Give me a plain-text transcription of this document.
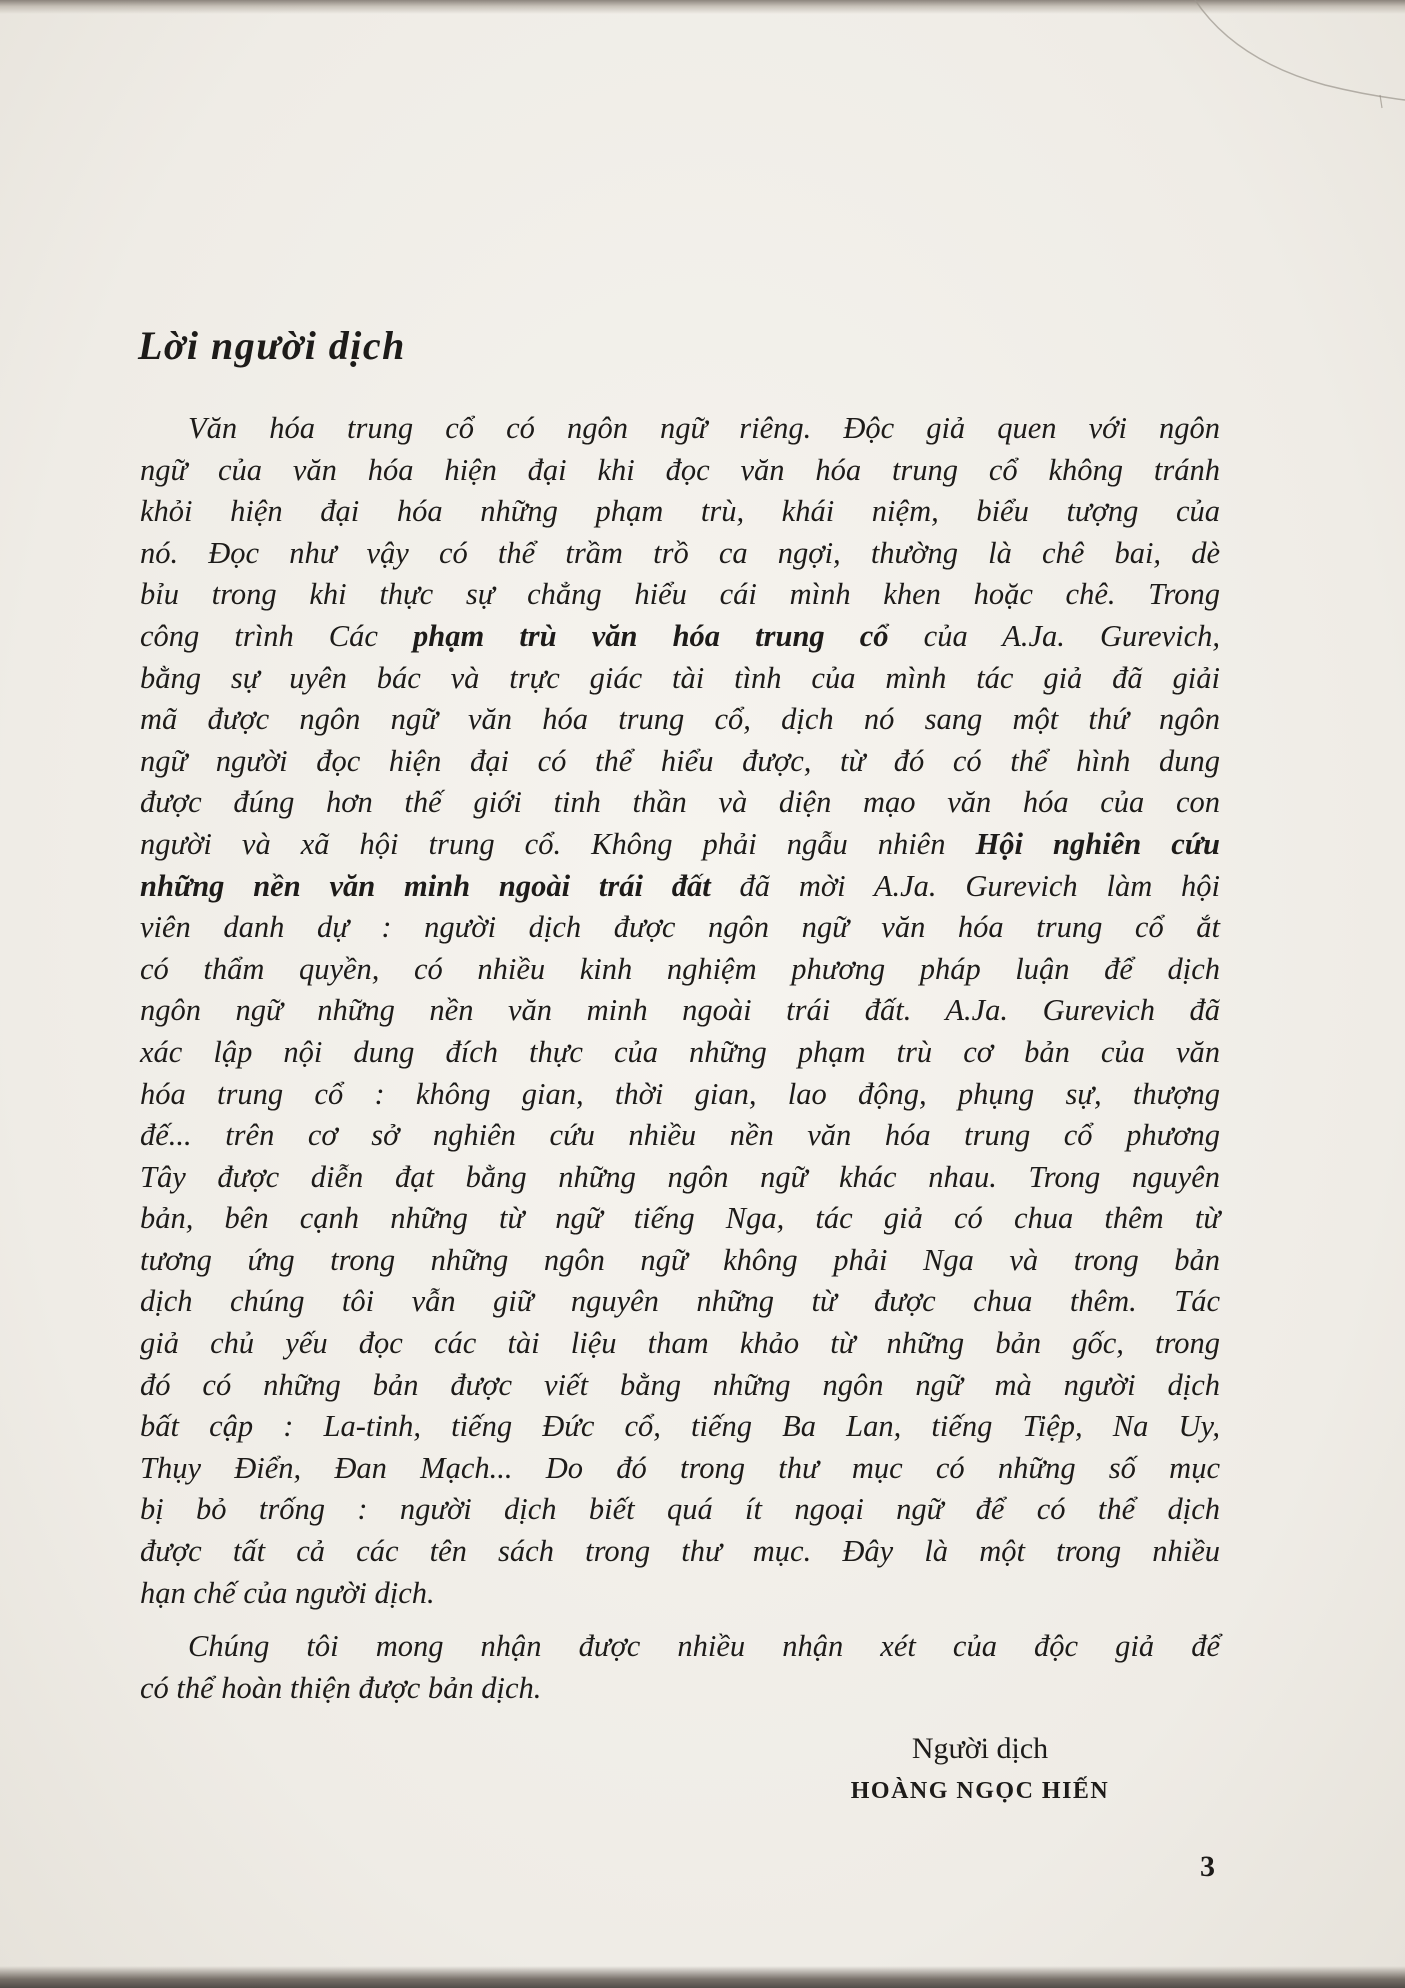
Lời người dịch

Văn hóa trung cổ có ngôn ngữ riêng. Độc giả quen với ngôn
ngữ của văn hóa hiện đại khi đọc văn hóa trung cổ không tránh
khỏi hiện đại hóa những phạm trù, khái niệm, biểu tượng của
nó. Đọc như vậy có thể trầm trồ ca ngợi, thường là chê bai, dè
bỉu trong khi thực sự chẳng hiểu cái mình khen hoặc chê. Trong
công trình Các phạm trù văn hóa trung cổ của A.Ja. Gurevich,
bằng sự uyên bác và trực giác tài tình của mình tác giả đã giải
mã được ngôn ngữ văn hóa trung cổ, dịch nó sang một thứ ngôn
ngữ người đọc hiện đại có thể hiểu được, từ đó có thể hình dung
được đúng hơn thế giới tinh thần và diện mạo văn hóa của con
người và xã hội trung cổ. Không phải ngẫu nhiên Hội nghiên cứu
những nền văn minh ngoài trái đất đã mời A.Ja. Gurevich làm hội
viên danh dự : người dịch được ngôn ngữ văn hóa trung cổ ắt
có thẩm quyền, có nhiều kinh nghiệm phương pháp luận để dịch
ngôn ngữ những nền văn minh ngoài trái đất. A.Ja. Gurevich đã
xác lập nội dung đích thực của những phạm trù cơ bản của văn
hóa trung cổ : không gian, thời gian, lao động, phụng sự, thượng
đế... trên cơ sở nghiên cứu nhiều nền văn hóa trung cổ phương
Tây được diễn đạt bằng những ngôn ngữ khác nhau. Trong nguyên
bản, bên cạnh những từ ngữ tiếng Nga, tác giả có chua thêm từ
tương ứng trong những ngôn ngữ không phải Nga và trong bản
dịch chúng tôi vẫn giữ nguyên những từ được chua thêm. Tác
giả chủ yếu đọc các tài liệu tham khảo từ những bản gốc, trong
đó có những bản được viết bằng những ngôn ngữ mà người dịch
bất cập : La-tinh, tiếng Đức cổ, tiếng Ba Lan, tiếng Tiệp, Na Uy,
Thụy Điển, Đan Mạch... Do đó trong thư mục có những số mục
bị bỏ trống : người dịch biết quá ít ngoại ngữ để có thể dịch
được tất cả các tên sách trong thư mục. Đây là một trong nhiều
hạn chế của người dịch.

Chúng tôi mong nhận được nhiều nhận xét của độc giả để
có thể hoàn thiện được bản dịch.

Người dịch
HOÀNG NGỌC HIẾN
3
